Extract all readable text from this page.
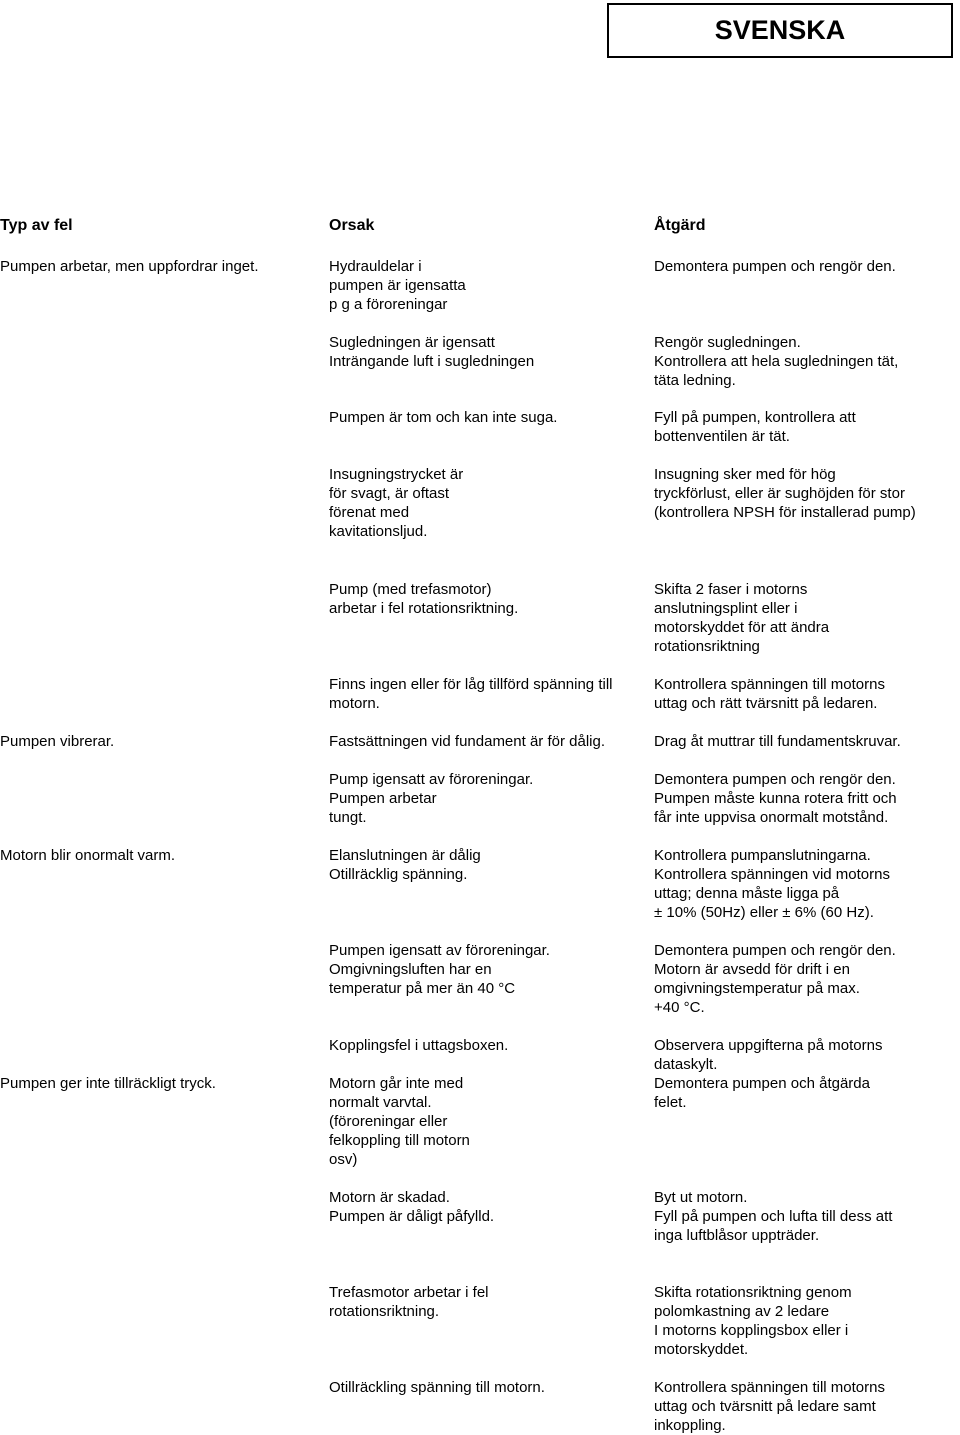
SVENSKA
Typ av fel	Orsak	Åtgärd
Pumpen arbetar, men uppfordrar inget.
Pumpen vibrerar.
Motorn blir onormalt varm.
Pumpen ger inte tillräckligt tryck.
Hydrauldelar i
pumpen är igensatta
p g a föroreningar
Sugledningen är igensatt
Inträngande luft i sugledningen
Pumpen är tom och kan inte suga.
Insugningstrycket är
för svagt, är oftast
förenat med
kavitationsljud.
Pump (med trefasmotor)
arbetar i fel rotationsriktning.
Finns ingen eller för låg tillförd spänning till
motorn.
Fastsättningen vid fundament är för dålig.
Pump igensatt av föroreningar.
Pumpen arbetar
tungt.
Elanslutningen är dålig
Otillräcklig spänning.
Pumpen igensatt av föroreningar.
Omgivningsluften har en
temperatur på mer än 40 °C
Kopplingsfel i uttagsboxen.
Motorn går inte med
normalt varvtal.
(föroreningar eller
felkoppling till motorn
osv)
Motorn är skadad.
Pumpen är dåligt påfylld.
Trefasmotor arbetar i fel
rotationsriktning.
Otillräckling spänning till motorn.
Demontera pumpen och rengör den.
Rengör sugledningen.
Kontrollera att hela sugledningen tät,
täta ledning.
Fyll på pumpen, kontrollera att
bottenventilen är tät.
Insugning sker med för hög
tryckförlust, eller är sughöjden för stor
(kontrollera NPSH för installerad pump)
Skifta 2 faser i motorns
anslutningsplint eller i
motorskyddet för att ändra
rotationsriktning
Kontrollera spänningen till motorns
uttag och rätt tvärsnitt på ledaren.
Drag åt muttrar till fundamentskruvar.
Demontera pumpen och rengör den.
Pumpen måste kunna rotera fritt och
får inte uppvisa onormalt motstånd.
Kontrollera pumpanslutningarna.
Kontrollera spänningen vid motorns
uttag; denna måste ligga på
± 10% (50Hz) eller ± 6% (60 Hz).
Demontera pumpen och rengör den.
Motorn är avsedd för drift i en
omgivningstemperatur på max.
+40 °C.
Observera uppgifterna på motorns
dataskylt.
Demontera pumpen och åtgärda
felet.
Byt ut motorn.
Fyll på pumpen och lufta till dess att
inga luftblåsor uppträder.
Skifta rotationsriktning genom
polomkastning av 2 ledare
I motorns kopplingsbox eller i
motorskyddet.
Kontrollera spänningen till motorns
uttag och tvärsnitt på ledare samt
inkoppling.
